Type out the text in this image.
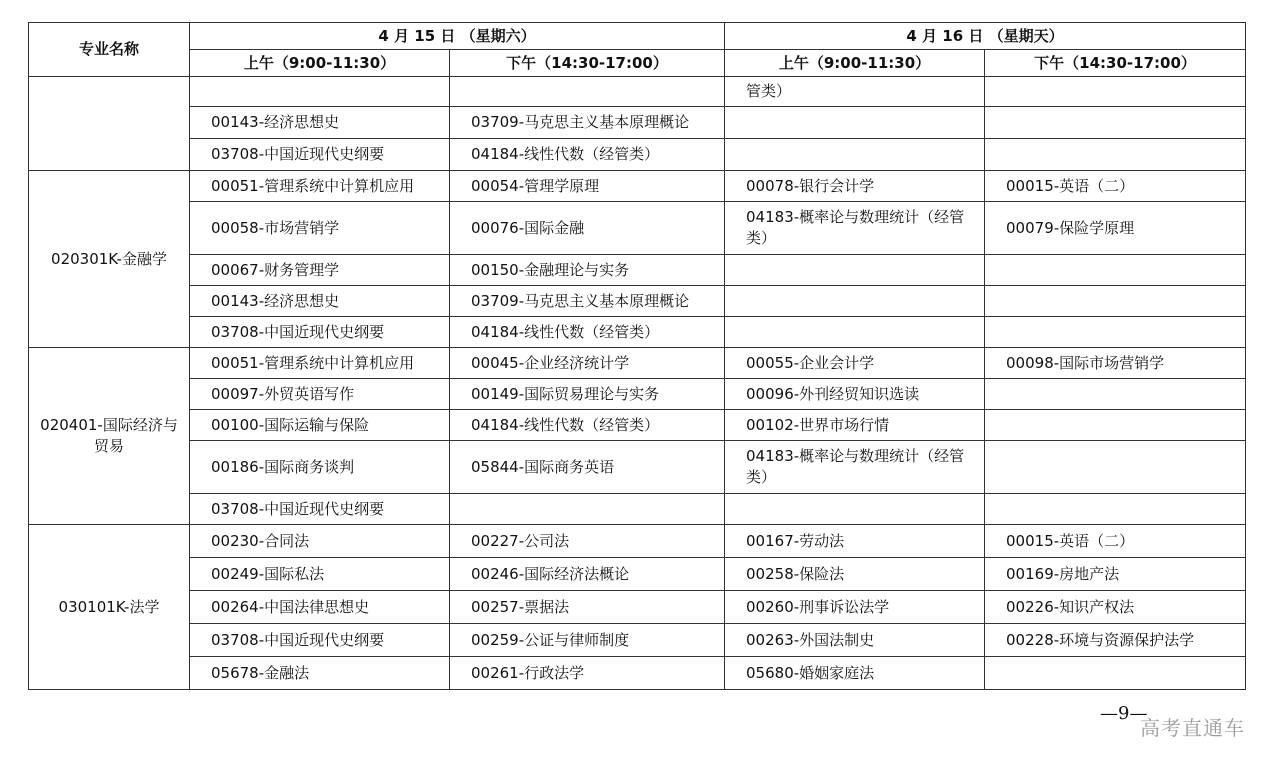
专业名称	4 月 15 日 （星期六）		4 月 16 日 （星期天）	
	上午（9:00-11:30）	下午（14:30-17:00）	上午（9:00-11:30）	下午（14:30-17:00）
			管类）	
	00143-经济思想史	03709-马克思主义基本原理概论		
	03708-中国近现代史纲要	04184-线性代数（经管类）		
020301K-金融学	00051-管理系统中计算机应用	00054-管理学原理	00078-银行会计学	00015-英语（二）
	00058-市场营销学	00076-国际金融	04183-概率论与数理统计（经管类）	00079-保险学原理
	00067-财务管理学	00150-金融理论与实务		
	00143-经济思想史	03709-马克思主义基本原理概论		
	03708-中国近现代史纲要	04184-线性代数（经管类）		
020401-国际经济与贸易	00051-管理系统中计算机应用	00045-企业经济统计学	00055-企业会计学	00098-国际市场营销学
	00097-外贸英语写作	00149-国际贸易理论与实务	00096-外刊经贸知识选读	
	00100-国际运输与保险	04184-线性代数（经管类）	00102-世界市场行情	
	00186-国际商务谈判	05844-国际商务英语	04183-概率论与数理统计（经管类）	
	03708-中国近现代史纲要			
030101K-法学	00230-合同法	00227-公司法	00167-劳动法	00015-英语（二）
	00249-国际私法	00246-国际经济法概论	00258-保险法	00169-房地产法
	00264-中国法律思想史	00257-票据法	00260-刑事诉讼法学	00226-知识产权法
	03708-中国近现代史纲要	00259-公证与律师制度	00263-外国法制史	00228-环境与资源保护法学
	05678-金融法	00261-行政法学	05680-婚姻家庭法	
—9—
高考直通车
